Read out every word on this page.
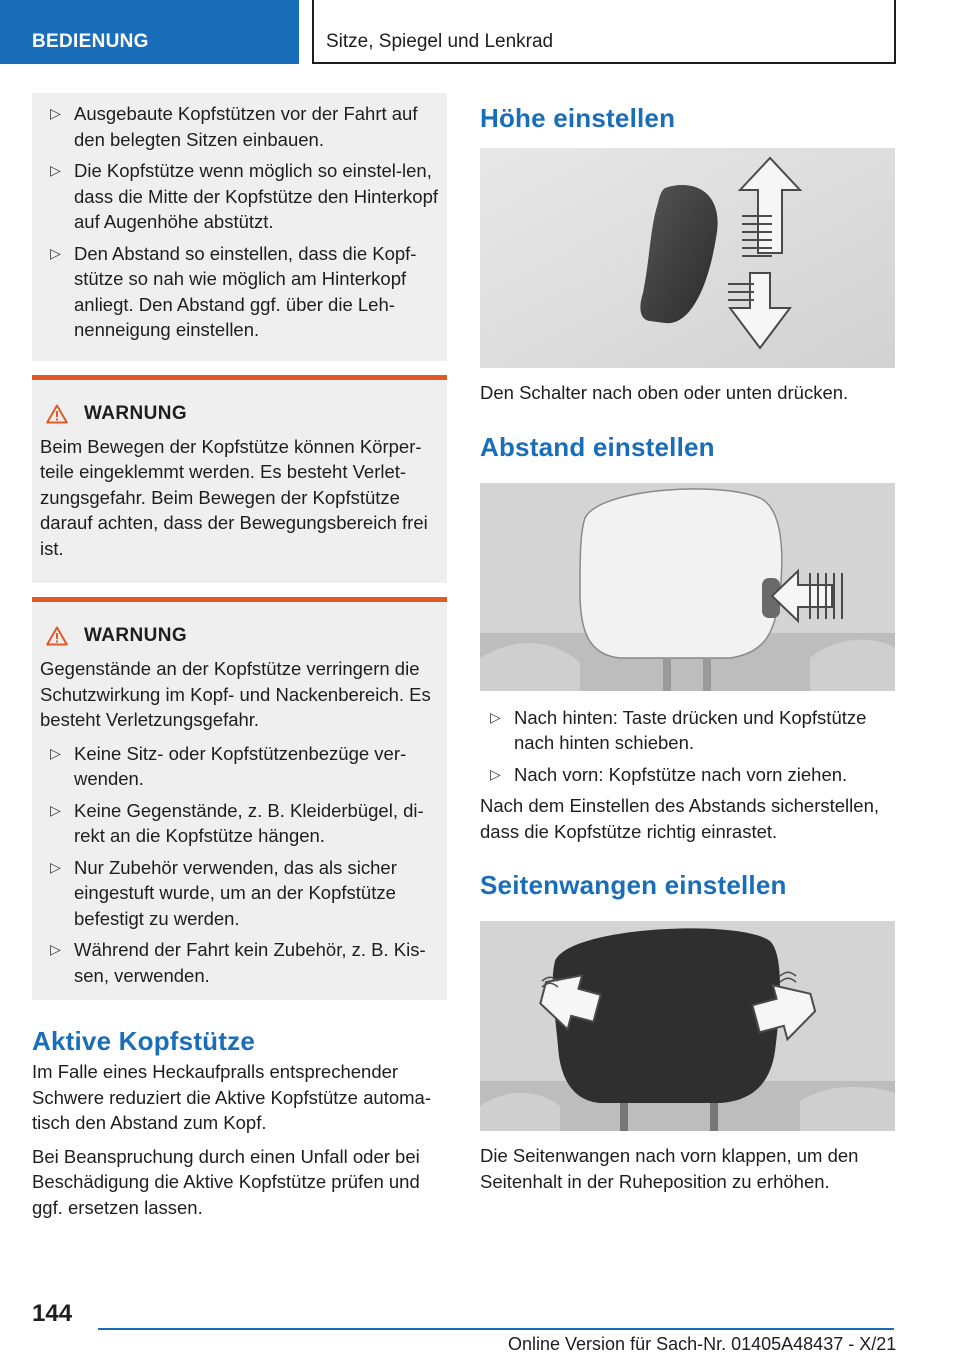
BEDIENUNG	Sitze, Spiegel und Lenkrad
▷ Ausgebaute Kopfstützen vor der Fahrt auf den belegten Sitzen einbauen.
▷ Die Kopfstütze wenn möglich so einstel-len, dass die Mitte der Kopfstütze den Hinterkopf auf Augenhöhe abstützt.
▷ Den Abstand so einstellen, dass die Kopf-stütze so nah wie möglich am Hinterkopf anliegt. Den Abstand ggf. über die Leh-nenneigung einstellen.
WARNUNG

Beim Bewegen der Kopfstütze können Körper-teile eingeklemmt werden. Es besteht Verlet-zungsgefahr. Beim Bewegen der Kopfstütze darauf achten, dass der Bewegungsbereich frei ist.

WARNUNG

Gegenstände an der Kopfstütze verringern die Schutzwirkung im Kopf- und Nackenbereich. Es besteht Verletzungsgefahr.

▷ Keine Sitz- oder Kopfstützenbezüge ver-wenden.
▷ Keine Gegenstände, z. B. Kleiderbügel, di-rekt an die Kopfstütze hängen.
▷ Nur Zubehör verwenden, das als sicher eingestuft wurde, um an der Kopfstütze befestigt zu werden.
▷ Während der Fahrt kein Zubehör, z. B. Kis-sen, verwenden.
Aktive Kopfstütze

Im Falle eines Heckaufpralls entsprechender Schwere reduziert die Aktive Kopfstütze automa-tisch den Abstand zum Kopf.

Bei Beanspruchung durch einen Unfall oder bei Beschädigung die Aktive Kopfstütze prüfen und ggf. ersetzen lassen.

Höhe einstellen

Den Schalter nach oben oder unten drücken.

Abstand einstellen
▷ Nach hinten: Taste drücken und Kopfstütze nach hinten schieben.
▷ Nach vorn: Kopfstütze nach vorn ziehen.

Nach dem Einstellen des Abstands sicherstellen, dass die Kopfstütze richtig einrastet.

Seitenwangen einstellen

Die Seitenwangen nach vorn klappen, um den Seitenhalt in der Ruheposition zu erhöhen.

144
Online Version für Sach-Nr. 01405A48437 - X/21
